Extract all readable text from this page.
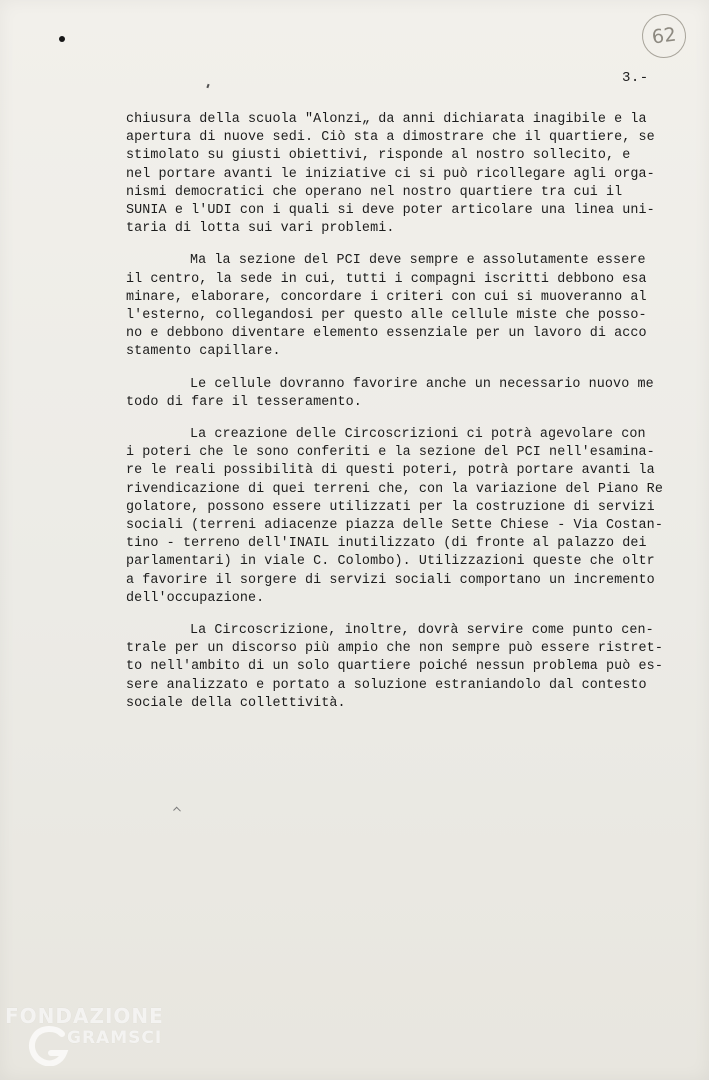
62
3.-
chiusura della scuola "Alonzi„ da anni dichiarata inagibile e la
apertura di nuove sedi. Ciò sta a dimostrare che il quartiere, se
stimolato su giusti obiettivi, risponde al nostro sollecito, e
nel portare avanti le iniziative ci si può ricollegare agli orga-
nismi democratici che operano nel nostro quartiere tra cui il
SUNIA e l'UDI con i quali si deve poter articolare una linea uni-
taria di lotta sui vari problemi.
Ma la sezione del PCI deve sempre e assolutamente essere
il centro, la sede in cui, tutti i compagni iscritti debbono esa
minare, elaborare, concordare i criteri con cui si muoveranno al
l'esterno, collegandosi per questo alle cellule miste che posso-
no e debbono diventare elemento essenziale per un lavoro di acco
stamento capillare.
Le cellule dovranno favorire anche un necessario nuovo me
todo di fare il tesseramento.
La creazione delle Circoscrizioni ci potrà agevolare con
i poteri che le sono conferiti e la sezione del PCI nell'esamina-
re le reali possibilità di questi poteri, potrà portare avanti la
rivendicazione di quei terreni che, con la variazione del Piano Re
golatore, possono essere utilizzati per la costruzione di servizi
sociali (terreni adiacenze piazza delle Sette Chiese - Via Costan-
tino - terreno dell'INAIL inutilizzato (di fronte al palazzo dei
parlamentari) in viale C. Colombo). Utilizzazioni queste che oltr
a favorire il sorgere di servizi sociali comportano un incremento
dell'occupazione.
La Circoscrizione, inoltre, dovrà servire come punto cen-
trale per un discorso più ampio che non sempre può essere ristret-
to nell'ambito di un solo quartiere poiché nessun problema può es-
sere analizzato e portato a soluzione estraniandolo dal contesto
sociale della collettività.
FONDAZIONE
GRAMSCI
